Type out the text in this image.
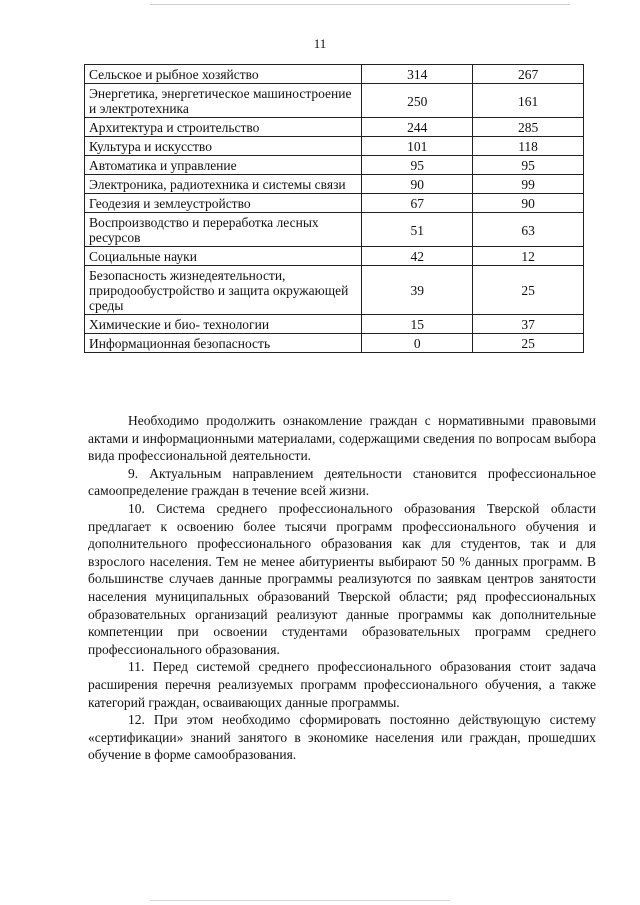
11
Сельское и рыбное хозяйство	314	267
Энергетика, энергетическое машиностроение и электротехника	250	161
Архитектура и строительство	244	285
Культура и искусство	101	118
Автоматика и управление	95	95
Электроника, радиотехника и системы связи	90	99
Геодезия и землеустройство	67	90
Воспроизводство и переработка лесных ресурсов	51	63
Социальные науки	42	12
Безопасность жизнедеятельности, природообустройство и защита окружающей среды	39	25
Химические и био- технологии	15	37
Информационная безопасность	0	25

Необходимо продолжить ознакомление граждан с нормативными правовыми актами и информационными материалами, содержащими сведения по вопросам выбора вида профессиональной деятельности.

9. Актуальным направлением деятельности становится профессиональное самоопределение граждан в течение всей жизни.

10. Система среднего профессионального образования Тверской области предлагает к освоению более тысячи программ профессионального обучения и дополнительного профессионального образования как для студентов, так и для взрослого населения. Тем не менее абитуриенты выбирают 50 % данных программ. В большинстве случаев данные программы реализуются по заявкам центров занятости населения муниципальных образований Тверской области; ряд профессиональных образовательных организаций реализуют данные программы как дополнительные компетенции при освоении студентами образовательных программ среднего профессионального образования.

11. Перед системой среднего профессионального образования стоит задача расширения перечня реализуемых программ профессионального обучения, а также категорий граждан, осваивающих данные программы.

12. При этом необходимо сформировать постоянно действующую систему «сертификации» знаний занятого в экономике населения или граждан, прошедших обучение в форме самообразования.
